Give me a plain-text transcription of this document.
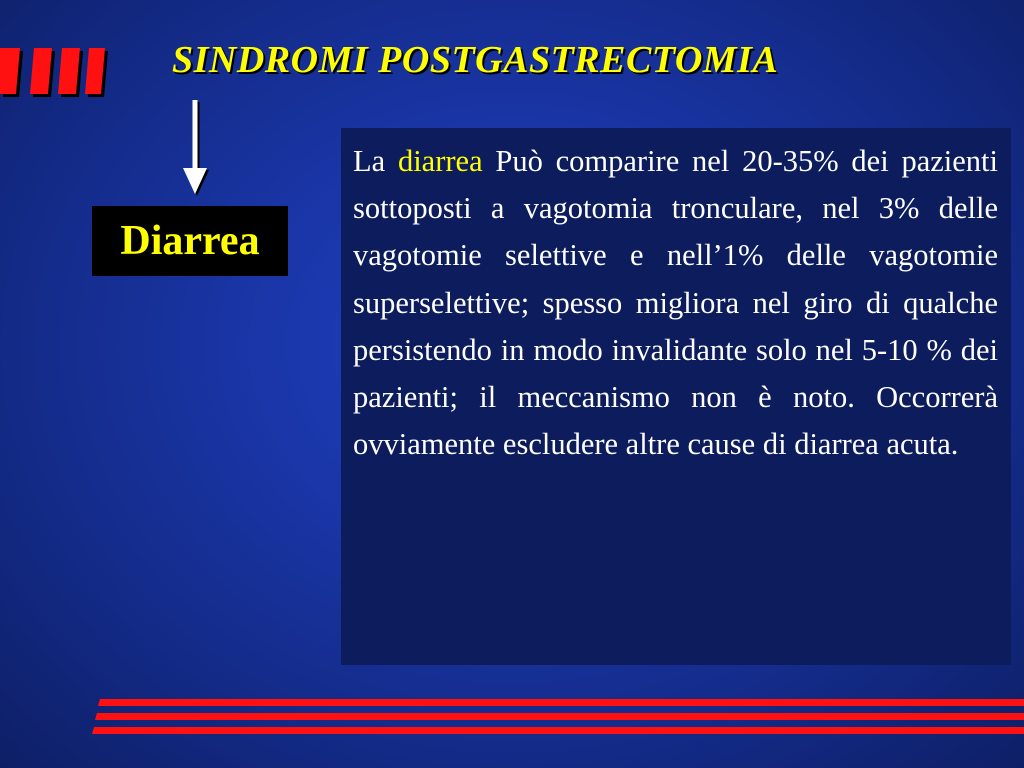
SINDROMI POSTGASTRECTOMIA
Diarrea

La diarrea Può comparire nel 20-35% dei pazienti sottoposti a vagotomia tronculare, nel 3% delle vagotomie selettive e nell’1% delle vagotomie superselettive; spesso migliora nel giro di qualche persistendo in modo invalidante solo nel 5-10 % dei pazienti; il meccanismo non è noto. Occorrerà ovviamente escludere altre cause di diarrea acuta.
